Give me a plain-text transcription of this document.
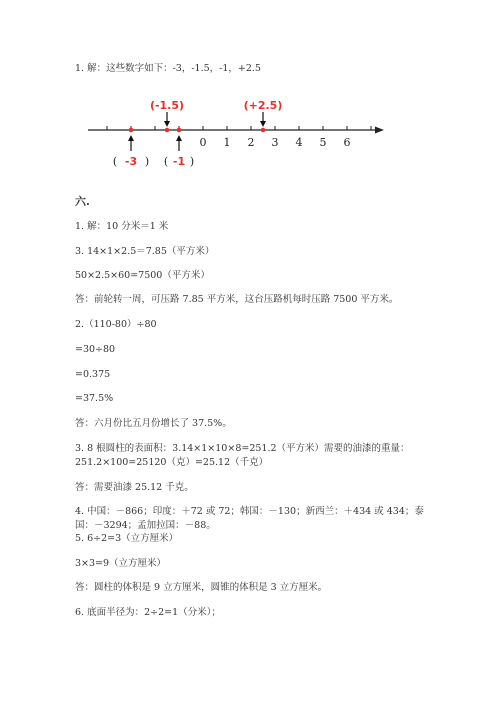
1. 解：这些数字如下：-3，-1.5，-1，+2.5
0 1 2 3 4 5 6
( -3 )
(-1.5)
( -1 )
(+2.5)
六.
1. 解：10 分米＝1 米
3. 14×1×2.5＝7.85（平方米）
50×2.5×60=7500（平方米）
答：前轮转一周，可压路 7.85 平方米，这台压路机每时压路 7500 平方米。
2.（110-80）÷80
=30÷80
=0.375
=37.5%
答：六月份比五月份增长了 37.5%。
3. 8 根圆柱的表面积：3.14×1×10×8=251.2（平方米）需要的油漆的重量：
251.2×100=25120（克）=25.12（千克）
答：需要油漆 25.12 千克。
4. 中国：－866；印度：＋72 或 72；韩国：－130；新西兰：＋434 或 434；泰
国：－3294；孟加拉国：－88。
5. 6÷2=3（立方厘米）
3×3=9（立方厘米）
答：圆柱的体积是 9 立方厘米，圆锥的体积是 3 立方厘米。
6. 底面半径为：2÷2=1（分米）；
